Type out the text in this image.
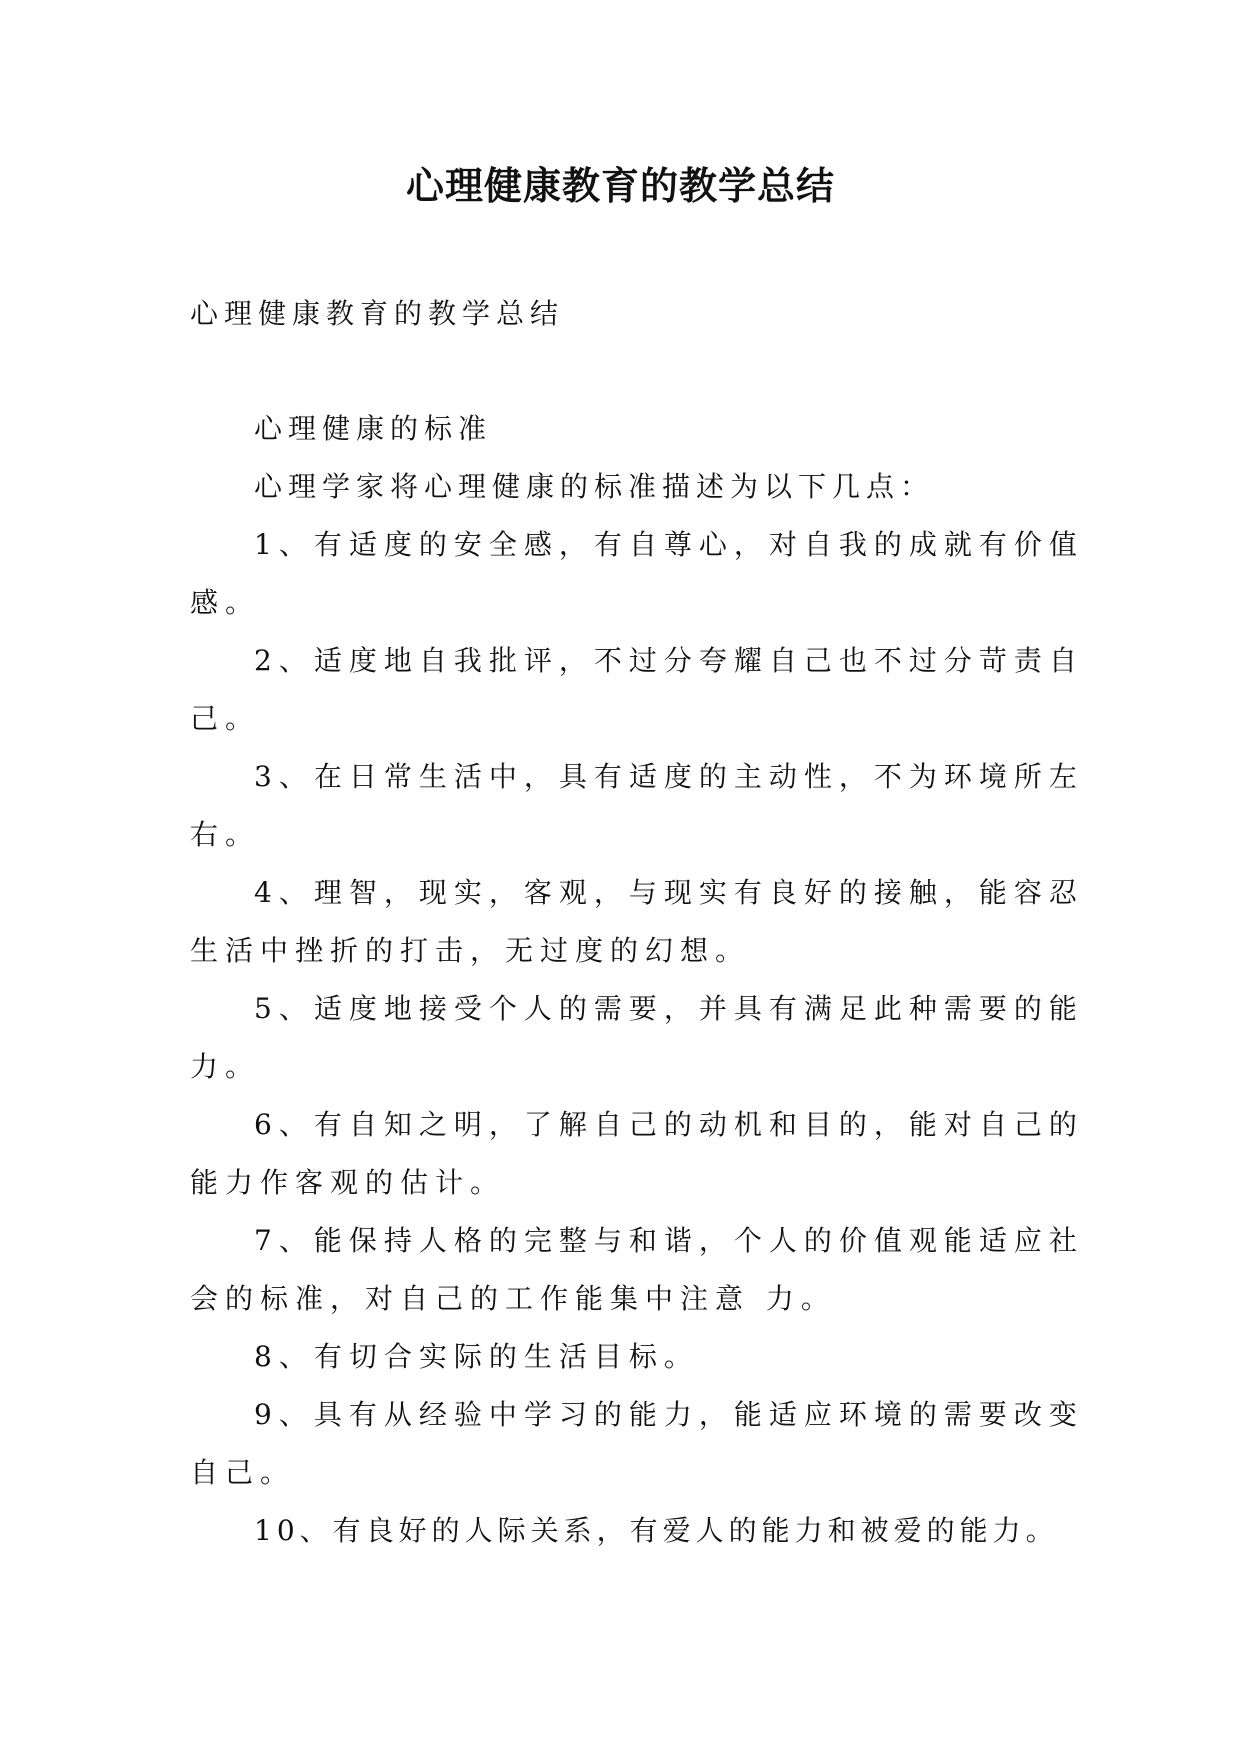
心理健康教育的教学总结

心理健康教育的教学总结

心理健康的标准

心理学家将心理健康的标准描述为以下几点：

1、有适度的安全感，有自尊心，对自我的成就有价值
感。
2、适度地自我批评，不过分夸耀自己也不过分苛责自
己。
3、在日常生活中，具有适度的主动性，不为环境所左
右。
4、理智，现实，客观，与现实有良好的接触，能容忍
生活中挫折的打击，无过度的幻想。
5、适度地接受个人的需要，并具有满足此种需要的能
力。
6、有自知之明，了解自己的动机和目的，能对自己的
能力作客观的估计。
7、能保持人格的完整与和谐，个人的价值观能适应社
会的标准，对自己的工作能集中注意 力。
8、有切合实际的生活目标。
9、具有从经验中学习的能力，能适应环境的需要改变
自己。
10、有良好的人际关系，有爱人的能力和被爱的能力。
